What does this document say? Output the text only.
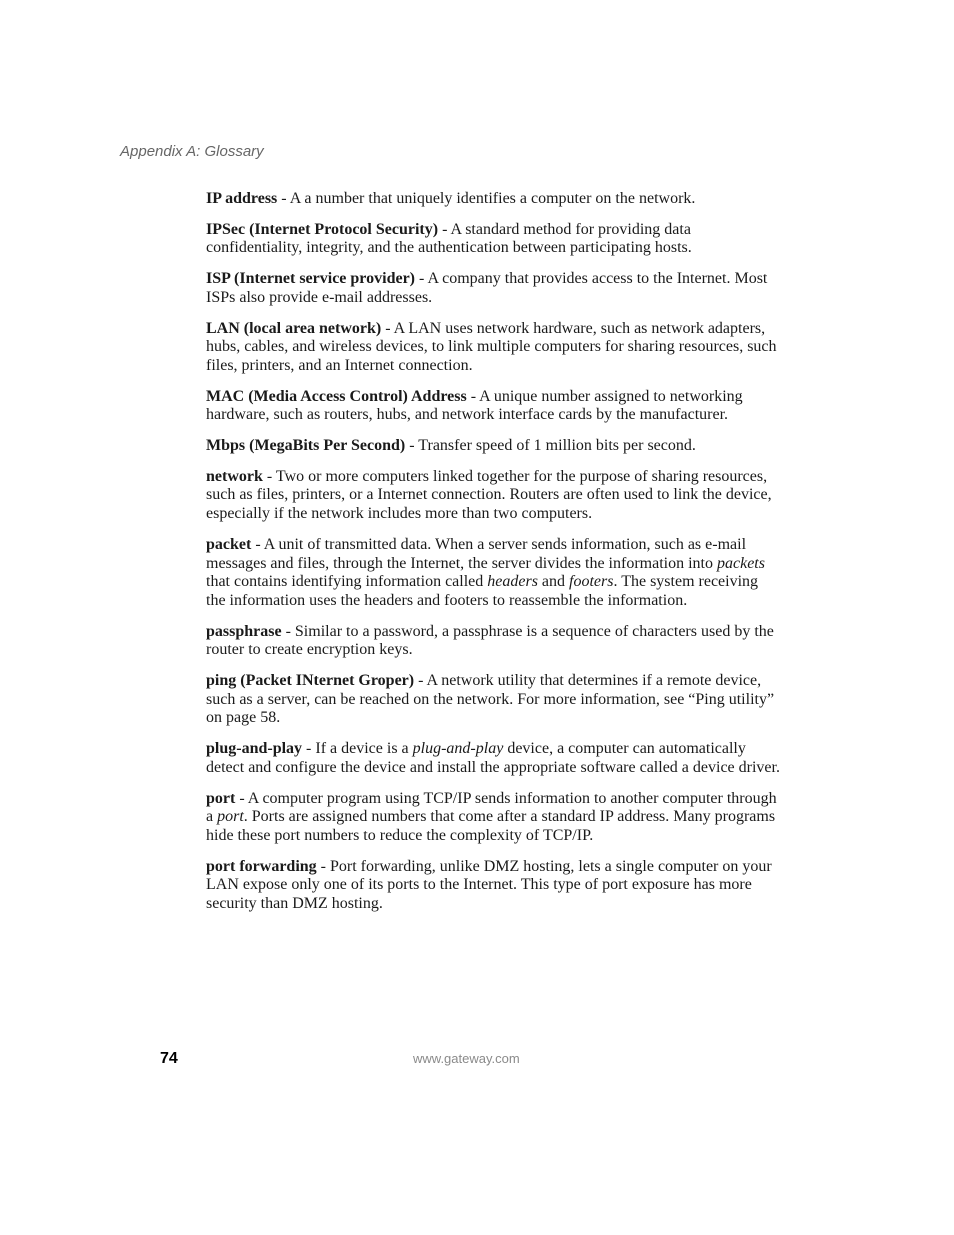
Appendix A: Glossary

IP address - A a number that uniquely identifies a computer on the network.

IPSec (Internet Protocol Security) - A standard method for providing data confidentiality, integrity, and the authentication between participating hosts.

ISP (Internet service provider) - A company that provides access to the Internet. Most ISPs also provide e-mail addresses.

LAN (local area network) - A LAN uses network hardware, such as network adapters, hubs, cables, and wireless devices, to link multiple computers for sharing resources, such files, printers, and an Internet connection.

MAC (Media Access Control) Address - A unique number assigned to networking hardware, such as routers, hubs, and network interface cards by the manufacturer.

Mbps (MegaBits Per Second) - Transfer speed of 1 million bits per second.

network - Two or more computers linked together for the purpose of sharing resources, such as files, printers, or a Internet connection. Routers are often used to link the device, especially if the network includes more than two computers.

packet - A unit of transmitted data. When a server sends information, such as e-mail messages and files, through the Internet, the server divides the information into packets that contains identifying information called headers and footers. The system receiving the information uses the headers and footers to reassemble the information.

passphrase - Similar to a password, a passphrase is a sequence of characters used by the router to create encryption keys.

ping (Packet INternet Groper) - A network utility that determines if a remote device, such as a server, can be reached on the network. For more information, see “Ping utility” on page 58.

plug-and-play - If a device is a plug-and-play device, a computer can automatically detect and configure the device and install the appropriate software called a device driver.

port - A computer program using TCP/IP sends information to another computer through a port. Ports are assigned numbers that come after a standard IP address. Many programs hide these port numbers to reduce the complexity of TCP/IP.

port forwarding - Port forwarding, unlike DMZ hosting, lets a single computer on your LAN expose only one of its ports to the Internet. This type of port exposure has more security than DMZ hosting.

74	www.gateway.com
